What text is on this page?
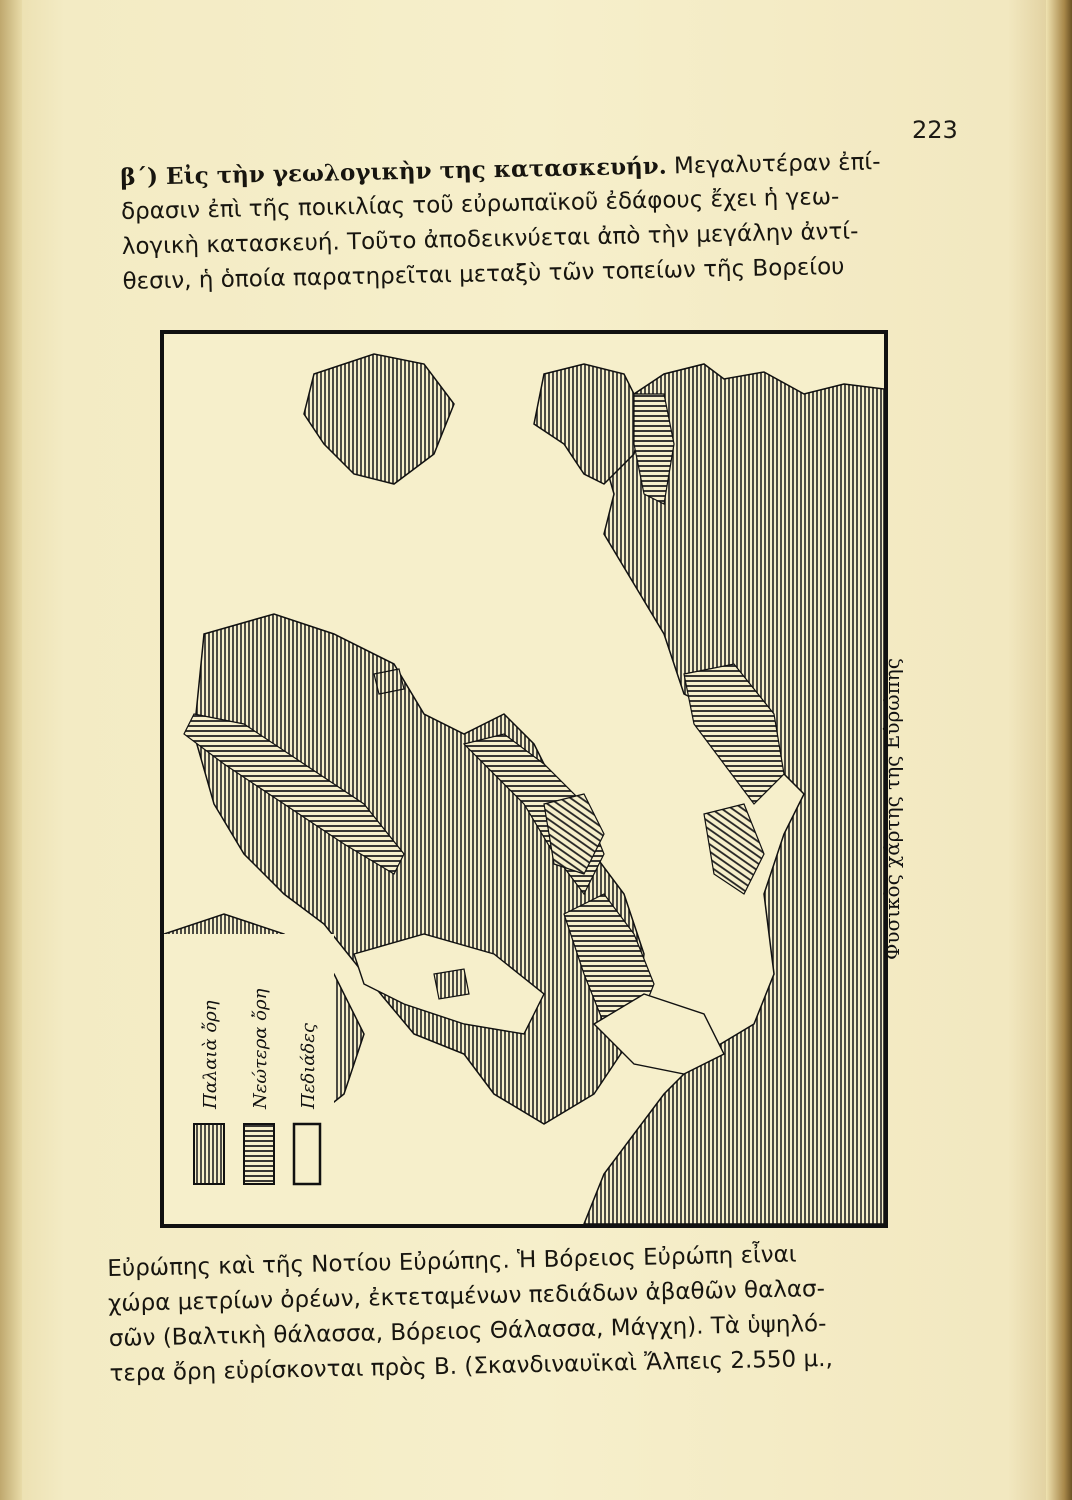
223
β΄) Εἰς τὴν γεωλογικὴν της κατασκευήν. Μεγαλυτέραν ἐπί-
δρασιν ἐπὶ τῆς ποικιλίας τοῦ εὐρωπαϊκοῦ ἐδάφους ἔχει ἡ γεω-
λογικὴ κατασκευή. Τοῦτο ἀποδεικνύεται ἀπὸ τὴν μεγάλην ἀντί-
θεσιν, ἡ ὁποία παρατηρεῖται μεταξὺ τῶν τοπείων τῆς Βορείου
Παλαιὰ ὄρη Νεώτερα ὄρη Πεδιάδες
Φυσικὸς χάρτης τῆς Εὐρώπης
Εὐρώπης καὶ τῆς Νοτίου Εὐρώπης. Ἡ Βόρειος Εὐρώπη εἶναι
χώρα μετρίων ὀρέων, ἐκτεταμένων πεδιάδων ἀβαθῶν θαλασ-
σῶν (Βαλτικὴ θάλασσα, Βόρειος Θάλασσα, Μάγχη). Τὰ ὑψηλό-
τερα ὄρη εὑρίσκονται πρὸς Β. (Σκανδιναυϊκαὶ Ἄλπεις 2.550 μ.,
